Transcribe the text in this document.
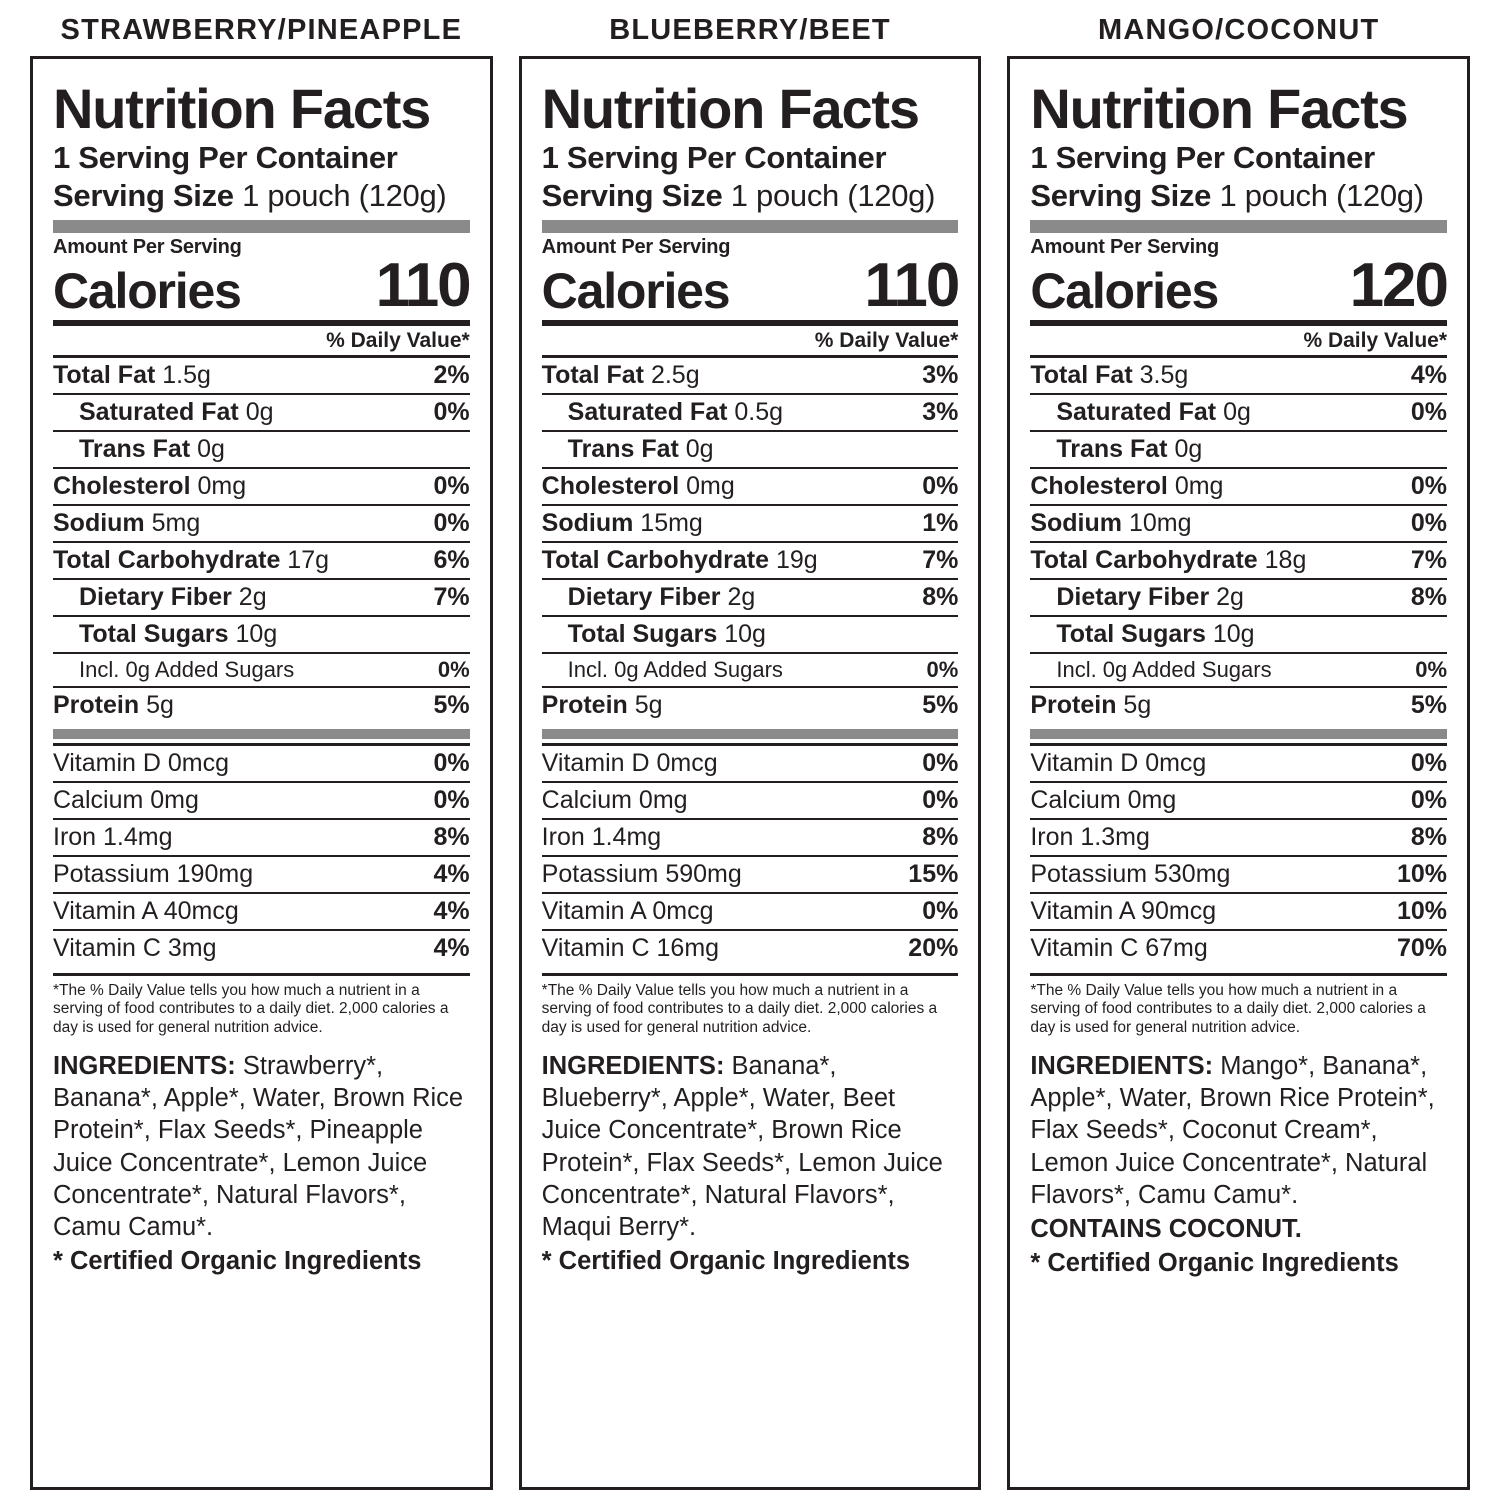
STRAWBERRY/PINEAPPLE
Nutrition Facts
1 Serving Per Container
Serving Size 1 pouch (120g)
Amount Per Serving
Calories 110
% Daily Value*
Total Fat 1.5g	2%
Saturated Fat 0g	0%
Trans Fat 0g	
Cholesterol 0mg	0%
Sodium 5mg	0%
Total Carbohydrate 17g	6%
Dietary Fiber 2g	7%
Total Sugars 10g	
Incl. 0g Added Sugars	0%
Protein 5g	5%
Vitamin D 0mcg	0%
Calcium 0mg	0%
Iron 1.4mg	8%
Potassium 190mg	4%
Vitamin A 40mcg	4%
Vitamin C 3mg	4%
*The % Daily Value tells you how much a nutrient in a serving of food contributes to a daily diet. 2,000 calories a day is used for general nutrition advice.
INGREDIENTS: Strawberry*, Banana*, Apple*, Water, Brown Rice Protein*, Flax Seeds*, Pineapple Juice Concentrate*, Lemon Juice Concentrate*, Natural Flavors*, Camu Camu*.
* Certified Organic Ingredients
BLUEBERRY/BEET
Nutrition Facts
1 Serving Per Container
Serving Size 1 pouch (120g)
Amount Per Serving
Calories 110
% Daily Value*
Total Fat 2.5g	3%
Saturated Fat 0.5g	3%
Trans Fat 0g	
Cholesterol 0mg	0%
Sodium 15mg	1%
Total Carbohydrate 19g	7%
Dietary Fiber 2g	8%
Total Sugars 10g	
Incl. 0g Added Sugars	0%
Protein 5g	5%
Vitamin D 0mcg	0%
Calcium 0mg	0%
Iron 1.4mg	8%
Potassium 590mg	15%
Vitamin A 0mcg	0%
Vitamin C 16mg	20%
*The % Daily Value tells you how much a nutrient in a serving of food contributes to a daily diet. 2,000 calories a day is used for general nutrition advice.
INGREDIENTS: Banana*, Blueberry*, Apple*, Water, Beet Juice Concentrate*, Brown Rice Protein*, Flax Seeds*, Lemon Juice Concentrate*, Natural Flavors*, Maqui Berry*.
* Certified Organic Ingredients
MANGO/COCONUT
Nutrition Facts
1 Serving Per Container
Serving Size 1 pouch (120g)
Amount Per Serving
Calories 120
% Daily Value*
Total Fat 3.5g	4%
Saturated Fat 0g	0%
Trans Fat 0g	
Cholesterol 0mg	0%
Sodium 10mg	0%
Total Carbohydrate 18g	7%
Dietary Fiber 2g	8%
Total Sugars 10g	
Incl. 0g Added Sugars	0%
Protein 5g	5%
Vitamin D 0mcg	0%
Calcium 0mg	0%
Iron 1.3mg	8%
Potassium 530mg	10%
Vitamin A 90mcg	10%
Vitamin C 67mg	70%
*The % Daily Value tells you how much a nutrient in a serving of food contributes to a daily diet. 2,000 calories a day is used for general nutrition advice.
INGREDIENTS: Mango*, Banana*, Apple*, Water, Brown Rice Protein*, Flax Seeds*, Coconut Cream*, Lemon Juice Concentrate*, Natural Flavors*, Camu Camu*.
CONTAINS COCONUT.
* Certified Organic Ingredients
